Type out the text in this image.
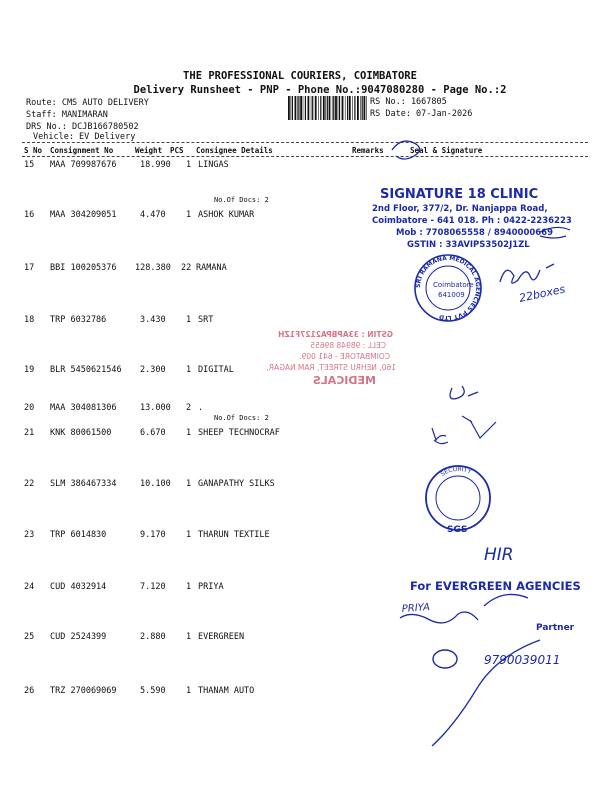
THE PROFESSIONAL COURIERS, COIMBATORE
Delivery Runsheet - PNP - Phone No.:9047080280 - Page No.:2
Route: CMS AUTO DELIVERY
Staff: MANIMARAN
DRS No.: DCJB166780502
Vehicle: EV Delivery
RS No.: 1667805
RS Date: 07-Jan-2026
S No Consignment No	Weight PCS Consignee Details	Remarks	Seal & Signature
15 MAA 709987676	18.990 1 LINGAS
No.Of Docs: 2
16 MAA 304209051	4.470 1 ASHOK KUMAR
17 BBI 100205376 128.380 22 RAMANA
18 TRP 6032786	3.430 1 SRT
19 BLR 5450621546 2.300 1 DIGITAL
20 MAA 304081306	13.000 2 .
No.Of Docs: 2
21 KNK 80061500	6.670 1 SHEEP TECHNOCRAF
22 SLM 386467334	10.100 1 GANAPATHY SILKS
23 TRP 6014830	9.170 1 THARUN TEXTILE
24 CUD 4032914	7.120 1 PRIYA
25 CUD 2524399	2.880 1 EVERGREEN
26 TRZ 270069069	5.590 1 THANAM AUTO
SIGNATURE 18 CLINIC
2nd Floor, 377/2, Dr. Nanjappa Road,
Coimbatore - 641 018. Ph : 0422-2236223
Mob : 7708065558 / 8940000669
GSTIN : 33AVIPS3502J1ZL
SRI RAMANA MEDICAL AGENCIES PVT LTD
Coimbatore
641009	22boxes
GSTIN : 33APBPA2127F1ZH
CELL : 98948 89655
COIMBATORE - 641 009.
160, NEHRU STREET, RAM NAGAR,
MEDICALS
SECURITY
SGS
HIR
For EVERGREEN AGENCIES
Partner
PRIYA
9790039011
